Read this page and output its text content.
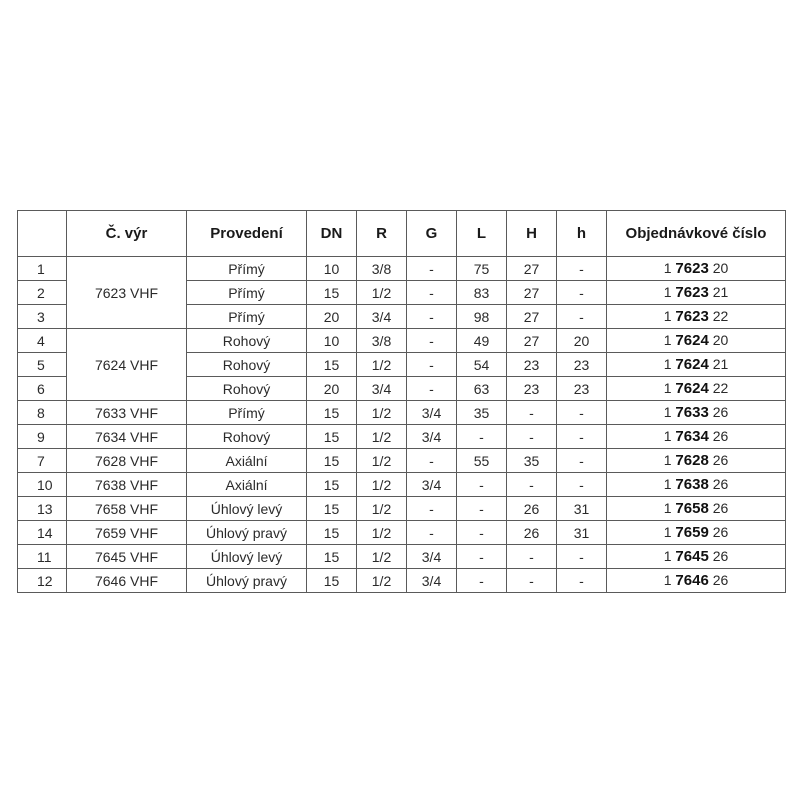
	Č. výr	Provedení	DN	R	G	L	H	h	Objednávkové číslo
1	7623 VHF	Přímý	10	3/8	-	75	27	-	1 7623 20
2		Přímý	15	1/2	-	83	27	-	1 7623 21
3		Přímý	20	3/4	-	98	27	-	1 7623 22
4	7624 VHF	Rohový	10	3/8	-	49	27	20	1 7624 20
5		Rohový	15	1/2	-	54	23	23	1 7624 21
6		Rohový	20	3/4	-	63	23	23	1 7624 22
8	7633 VHF	Přímý	15	1/2	3/4	35	-	-	1 7633 26
9	7634 VHF	Rohový	15	1/2	3/4	-	-	-	1 7634 26
7	7628 VHF	Axiální	15	1/2	-	55	35	-	1 7628 26
10	7638 VHF	Axiální	15	1/2	3/4	-	-	-	1 7638 26
13	7658 VHF	Úhlový levý	15	1/2	-	-	26	31	1 7658 26
14	7659 VHF	Úhlový pravý	15	1/2	-	-	26	31	1 7659 26
11	7645 VHF	Úhlový levý	15	1/2	3/4	-	-	-	1 7645 26
12	7646 VHF	Úhlový pravý	15	1/2	3/4	-	-	-	1 7646 26
